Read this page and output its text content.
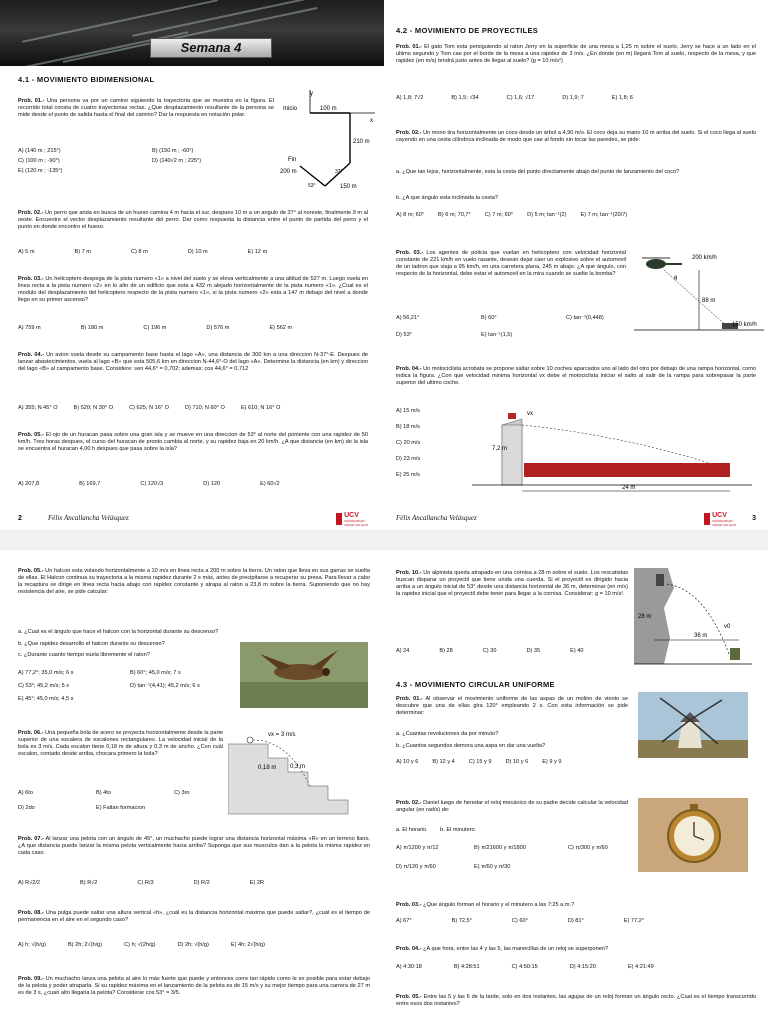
Semana 4
4.1 - MOVIMIENTO BIDIMENSIONAL
Prob. 01.- Una persona va por un camino siguiendo la trayectoria que se muestra en la figura. El recorrido total consta de cuatro trayectorias rectas. ¿Que desplazamiento resultante de la persona se mide desde el punto de salida hasta el final del camino? Dar la respuesta en notación polar.
A) (140 m ; 215°)	B) (150 m ; -60°)
C) (100 m ; -90°)	D) (140√2 m ; 225°)
E) (120 m ; -135°)
y
x
Inicio	100 m
210 m
150 m
200 m
Fin
37°
53°
Prob. 02.- Un perro que anda en busca de un hueso camina 4 m hacia el sur, despues 10 m a un angulo de 37° al noreste, finalmente 9 m al oeste. Encuentre el vector desplazamiento resultante del perro. Dar como respuesta la distancia entre el punto de partida del perro y el punto en donde encontro el hueso.
A) 5 m	B) 7 m	C) 8 m	D) 10 m	E) 12 m
Prob. 03.- Un helicoptero despega de la pista numero «1» a nivel del suelo y se eleva verticalmente a una altitud de 527 m. Luego vuela en linea recta a la pista numero «2» en lo alto de un edificio que esta a 432 m alejado horizontalmente de la pista numero «1». ¿Cual es el modulo del desplazamiento del helicoptero respecto de la pista numero «1», si la pista numero «2» esta a 147 m debajo del nivel a donde llego en su primer ascenso?
A) 759 m	B) 180 m	C) 196 m	D) 576 m	E) 562 m
Prob. 04.- Un avion vuela desde su campamento base hasta el lago «A», una distancia de 300 km a una direccion N-37°-E. Despues de lanzar abastecimientos, vuela al lago «B» que esta 505,6 km en direccion N-44,6°-O del lago «A». Determine la distancia (en km) y direccion del lago «B» al campamento base. Considere: sen 44,6° = 0,702; ademas: cos 44,6° = 0,712
A) 355; N 45° O	B) 520; N 30° O	C) 625; N 16° O	D) 710; N 60° O	E) 610; N 16° O
Prob. 05.- El ojo de un huracan pasa sobre una gran isla y se mueve en una direccion de 53° al norte del poniente con una rapidez de 50 km/h. Tres horas despues, el curso del huracan de pronto cambia al norte, y su rapidez baja en 20 km/h. ¿A que distancia (en km) de la isla se encuentra el huracan 4,00 h despues que pasa sobre la isla?
A) 207,8	B) 169,7	C) 120√3	D) 120	E) 60√2
2	Félix Ancallancha Velásquez	UCV
UNIVERSIDAD CÉSAR VALLEJO
4.2 - MOVIMIENTO DE PROYECTILES
Prob. 01.- El gato Tom esta persiguiendo al raton Jerry en la superficie de una mesa a 1,25 m sobre el suelo. Jerry se hace a un lado en el ultimo segundo y Tom cae por el borde de la mesa a una rapidez de 3 m/s. ¿En donde (en m) llegará Tom al suelo, respecto de la mesa, y que rapidez (en m/s) tendrá justo antes de llegar al suelo? (g = 10 m/s²)
A) 1,8; 7√2	B) 1,5; √34	C) 1,6; √17	D) 1,9; 7	E) 1,8; 6
Prob. 02.- Un mono tira horizontalmente un coco desde un árbol a 4,90 m/s. El coco deja su mano 10 m arriba del suelo. Si el coco llega al suelo cayendo en una cesta cilíndrica inclinada de modo que cae al fondo sin tocar las paredes, se pide:
a. ¿Que tan lejos, horizontalmente, esta la cesta del punto directamente abajo del punto de lanzamiento del coco?
b. ¿A que ángulo esta inclinada la cesta?
A) 8 m; 60°	B) 6 m; 70,7°	C) 7 m; 60°	D) 5 m; tan⁻¹(2)	E) 7 m; tan⁻¹(20/7)
Prob. 03.- Los agentes de policia que vuelan en helicoptero con velocidad horizontal constante de 221 km/h en vuelo rasante, desean dejar caer un explosivo sobre el automovil de un ladron que viaja a 95 km/h, en una carretera plana, 245 m abajo. ¿A que ángulo, con respecto de la horizontal, debe estar el automovil en la mira cuando se suelte la bomba?
A) 56,21°	B) 60°	C) tan⁻¹(0,448)
D) 53°	E) tan⁻¹(1,5)
200 km/h
88 m
150 km/h
θ
Prob. 04.- Un motociclista acrobata se propone saltar sobre 10 coches aparcados uno al lado del otro por debajo de una rampa horizontal, como indica la figura. ¿Con que velocidad minima horizontal vx debe el motociclista iniciar el salto al salir de la rampa para sobrepasar la parte superior del ultimo coche.
A) 15 m/s
B) 18 m/s
C) 20 m/s
D) 23 m/s
E) 25 m/s
7,2 m
24 m
vx
Félix Ancallancha Velásquez	UCV
UNIVERSIDAD CÉSAR VALLEJO
3
Prob. 05.- Un halcon esta volando horizontalmente a 10 m/s en linea recta a 200 m sobre la tierra. Un raton que lleva en sus garras se suelta de ellas. El Halcon continua su trayectoria a la misma rapidez durante 2 s más, antes de precipitarse a recuperar su presa. Para llevar a cabo la recaptura se dirige en linea recta hacia abajo con rapidez constante y atrapa al raton a 23,8 m sobre la tierra. Suponiendo que no hay resistencia del aire, se pide calcular:
a. ¿Cual es el ángulo que hace el halcon con la horizontal durante su descenso?
b. ¿Que rapidez desarrollo el halcon durante su descenso?
c. ¿Durante cuanto tiempo vuela libremente el raton?
A) 77,2°; 35,0 m/s; 6 s	B) 60°; 45,0 m/s; 7 s
C) 53°; 45,2 m/s; 5 s	D) tan⁻¹(4,41); 45,2 m/s; 6 s
E) 45°; 45,0 m/s; 4,5 s
Prob. 06.- Una pequeña bola de acero se proyecta horizontalmente desde la parte superior de una escalera de escalones rectangulares. La velocidad inicial de la bola es 3 m/s. Cada escalon tiene 0,18 m de altura y 0,3 m de ancho. ¿Con cuál escalon, contado desde arriba, chocara primero la bola?
A) 6to	B) 4to	C) 3ro
D) 2do	E) Faltan formacion
vx = 3 m/s
0,18 m 0,3 m
Prob. 07.- Al lanzar una pelota con un ángulo de 45°, un muchacho puede lograr una distancia horizontal máxima «R» en un terreno llano. ¿A que distancia puede lanzar la misma pelota verticalmente hacia arriba? Suponga que sus musculos dan a la pelota la misma rapidez en cada caso.
A) R√2/2	B) R√2	C) R/3	D) R/2	E) 2R
Prob. 08.- Una pulga puede saltar una altura vertical «h», ¿cuál es la distancia horizontal máxima que puede saltar?, ¿cuál es el tiempo de permanencia en el aire en el segundo caso?
A) h; √(h/g)	B) 2h; 2√(h/g)	C) h; √(2h/g)	D) 2h; √(h/g)	E) 4h; 2√(h/g)
Prob. 09.- Un muchacho lanza una pelota al aire lo más fuerte que puede y entonces corre tan rápido como le es posible para estar debajo de la pelota y poder atraparla. Si su rapidez máxima en el lanzamiento de la pelota es de 15 m/s y su mejor tiempo para una carrera de 27 m es de 3 s, ¿cuan alto llegaria la pelota? Considerar cos 53° = 3/5.
Prob. 10.- Un alpinista queda atrapado en una cornisa a 28 m sobre el suelo. Los rescatistas buscan disparar un proyectil que tiene unida una cuerda. Si el proyectil es dirigido hacia arriba a un ángulo inicial de 53° desde una distancia horizontal de 36 m, determinar (en m/s) la rapidez inicial que el proyectil debe tener para llegar a la cornisa. Considerar: g = 10 m/s².
A) 24	B) 28	C) 30	D) 35	E) 40
28 m
36 m
v0
4.3 - MOVIMIENTO CIRCULAR UNIFORME
Prob. 01.- Al observar el movimiento uniforme de las aspas de un molino de viento se descubre que una de ellas gira 120° empleando 2 s. Con esta información se pide determinar:
a. ¿Cuantas revoluciones da por minuto?
b. ¿Cuantos segundos demora una aspa en dar una vuelta?
A) 10 y 6	B) 12 y 4	C) 15 y 9	D) 10 y 6	E) 9 y 9
Prob. 02.- Daniel luego de heredar el reloj mecánico de su padre decide calcular la velocidad angular (en rad/s) de:
a. El horario.        b. El minutero.
A) π/1200 y π/12	B) π/21600 y π/1800	C) π/300 y π/60
D) π/120 y π/60	E) π/60 y π/30
Prob. 03.- ¿Que ángulo forman el horario y el minutero a las 7:25 a.m.?
A) 67°	B) 72,5°	C) 60°	D) 81°	E) 77,2°
Prob. 04.- ¿A que hora, entre las 4 y las 5, las manecillas de un reloj se superponen?
A) 4:30:18	B) 4:28:51	C) 4:50:15	D) 4:15:20	E) 4:21:49
Prob. 05.- Entre las 5 y las 6 de la tarde, solo en dos instantes, las agujas de un reloj forman un ángulo recto. ¿Cual es el tiempo transcurrido entre esos dos instantes?
